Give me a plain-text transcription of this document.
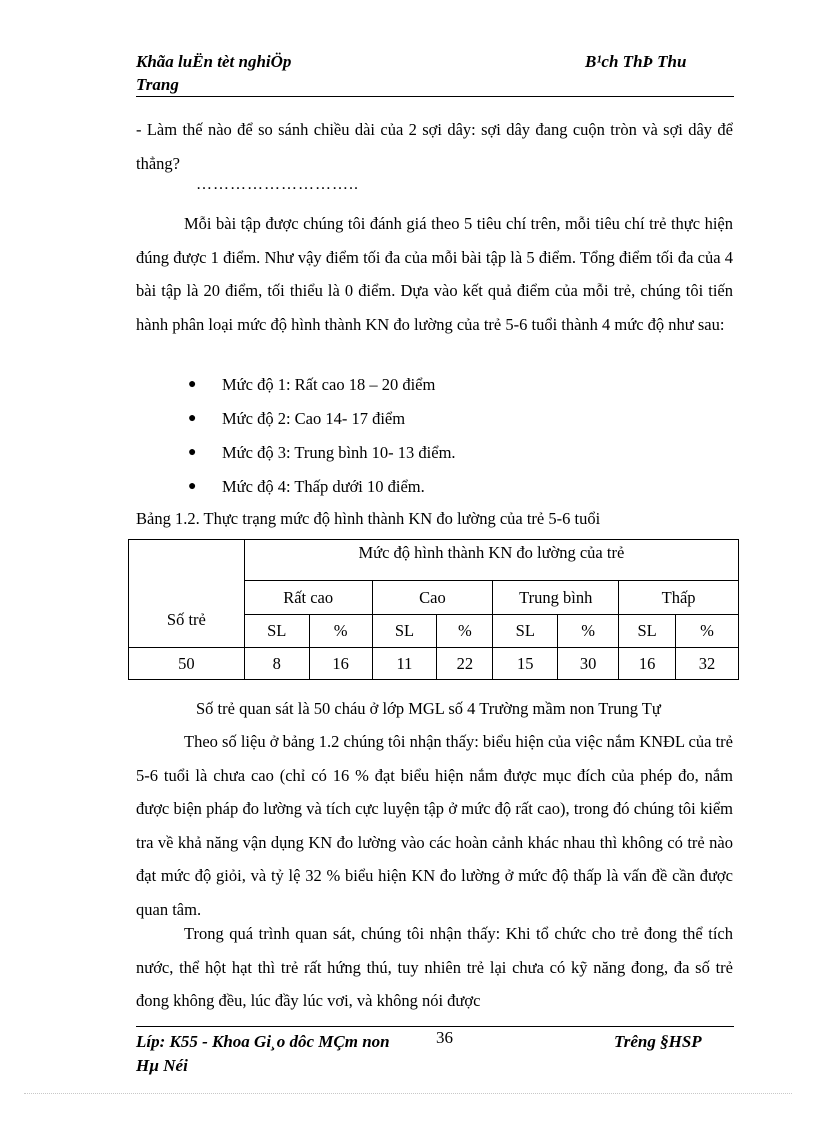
Khãa luËn tèt nghiÖp
Trang
B¹ch ThÞ Thu
- Làm thế nào để so sánh chiều dài của 2 sợi dây: sợi dây đang cuộn tròn và sợi dây để thẳng?
………………………..
Mỗi bài tập được chúng tôi đánh giá theo 5 tiêu chí trên, mỗi tiêu chí trẻ thực hiện đúng được 1 điểm. Như vậy điểm tối đa của mỗi bài tập là 5 điểm. Tổng điểm tối đa của 4 bài tập là 20 điểm, tối thiểu là 0 điểm. Dựa vào kết quả điểm của mỗi trẻ, chúng tôi tiến hành phân loại mức độ hình thành KN đo lường của trẻ 5-6 tuổi thành 4 mức độ như sau:
● Mức độ 1: Rất cao 18 – 20 điểm
● Mức độ 2: Cao 14- 17 điểm
● Mức độ 3: Trung bình 10- 13 điểm.
● Mức độ 4: Thấp dưới 10 điểm.
Bảng 1.2. Thực trạng mức độ hình thành KN đo lường của trẻ 5-6 tuổi
Số trẻ	Mức độ hình thành KN đo lường của trẻ							
	Rất cao		Cao		Trung bình		Thấp	
	SL	%	SL	%	SL	%	SL	%
50	8	16	11	22	15	30	16	32
Số trẻ quan sát là 50 cháu ở lớp MGL số 4 Trường mầm non Trung Tự
Theo số liệu ở bảng 1.2 chúng tôi nhận thấy: biểu hiện của việc nắm KNĐL của trẻ 5-6 tuổi là chưa cao (chỉ có 16 % đạt biểu hiện nắm được mục đích của phép đo, nắm được biện pháp đo lường và tích cực luyện tập ở mức độ rất cao), trong đó chúng tôi kiểm tra về khả năng vận dụng KN đo lường vào các hoàn cảnh khác nhau thì không có trẻ nào đạt mức độ giỏi, và tỷ lệ 32 % biểu hiện KN đo lường ở mức độ thấp là vấn đề cần được quan tâm.
Trong quá trình quan sát, chúng tôi nhận thấy: Khi tổ chức cho trẻ đong thể tích nước, thể hột hạt thì trẻ rất hứng thú, tuy nhiên trẻ lại chưa có kỹ năng đong, đa số trẻ đong không đều, lúc đầy lúc vơi, và không nói được
Líp: K55 - Khoa Gi¸o dôc MÇm non
Hµ Néi
36	Trêng §HSP
